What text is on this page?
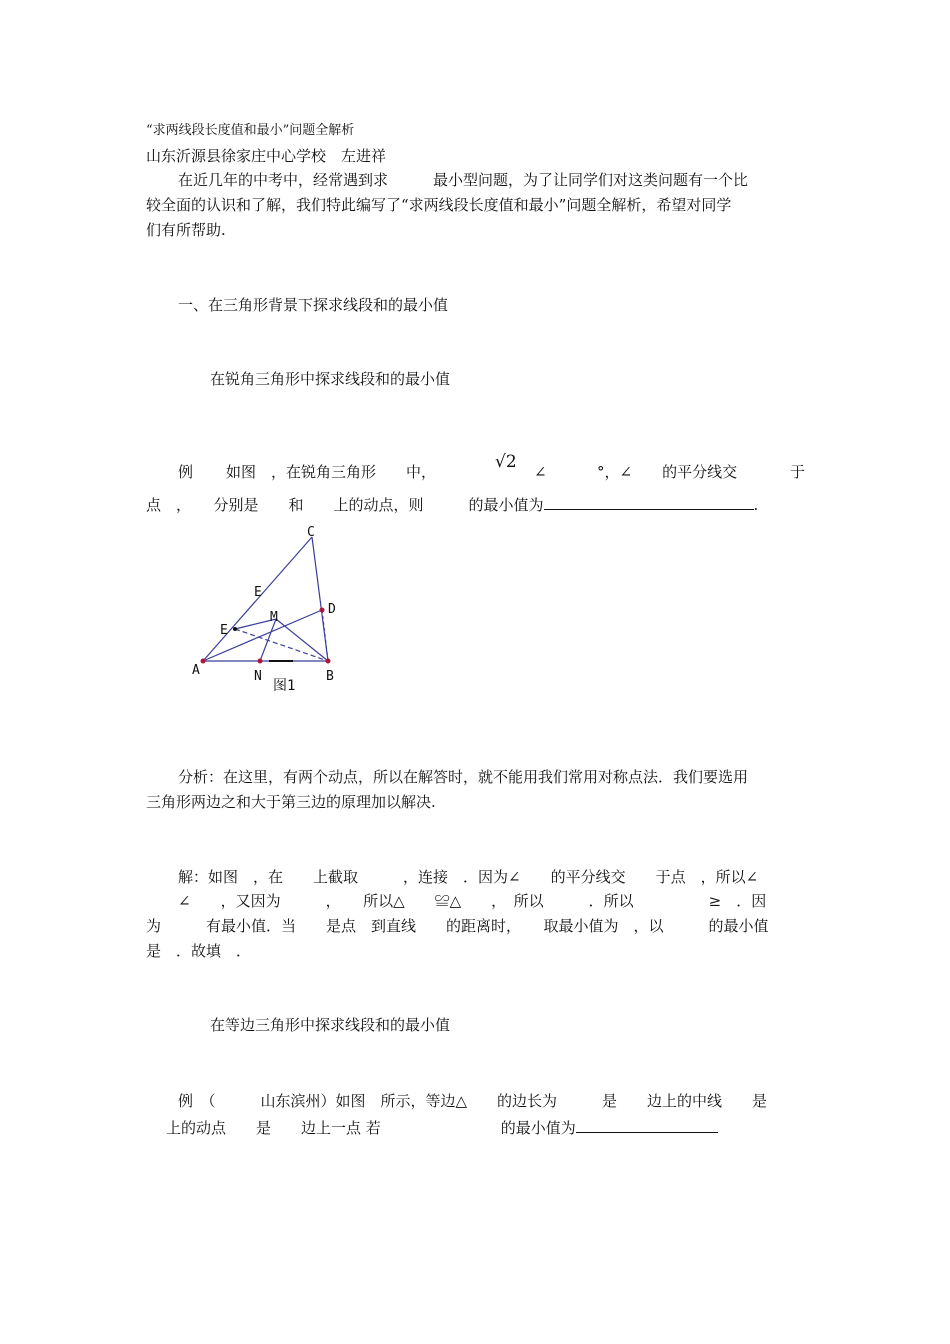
“求两线段长度值和最小”问题全解析
山东沂源县徐家庄中心学校　左进祥
在近几年的中考中，经常遇到求　　　最小型问题，为了让同学们对这类问题有一个比
较全面的认识和了解，我们特此编写了“求两线段长度值和最小”问题全解析，希望对同学
们有所帮助.
一、在三角形背景下探求线段和的最小值
在锐角三角形中探求线段和的最小值
例 如图　，在锐角三角形　　中，	√2 ∠	°，∠　　的平分线交	于
点　，　　分别是　　和　　上的动点，则　　　的最小值为	.
C
E
D
M
E
A	N	B
图1
分析：在这里，有两个动点，所以在解答时，就不能用我们常用对称点法．我们要选用
三角形两边之和大于第三边的原理加以解决.
解：如图　，在　　上截取　　　，连接　．因为∠　　的平分线交　　于点　，所以∠
∠　　，又因为　　　，　　所以△　　≌△　　，　所以　　　．所以　　　　　≥　．因
为　　　有最小值．当　　是点　到直线　　的距离时，　　取最小值为　，以　　　的最小值
是　．故填　．
在等边三角形中探求线段和的最小值
例　（　　　山东滨州）如图　所示，等边△　　的边长为　　　是　　边上的中线　　是
上的动点　　是　　边上一点 若　　　　　　　　的最小值为
